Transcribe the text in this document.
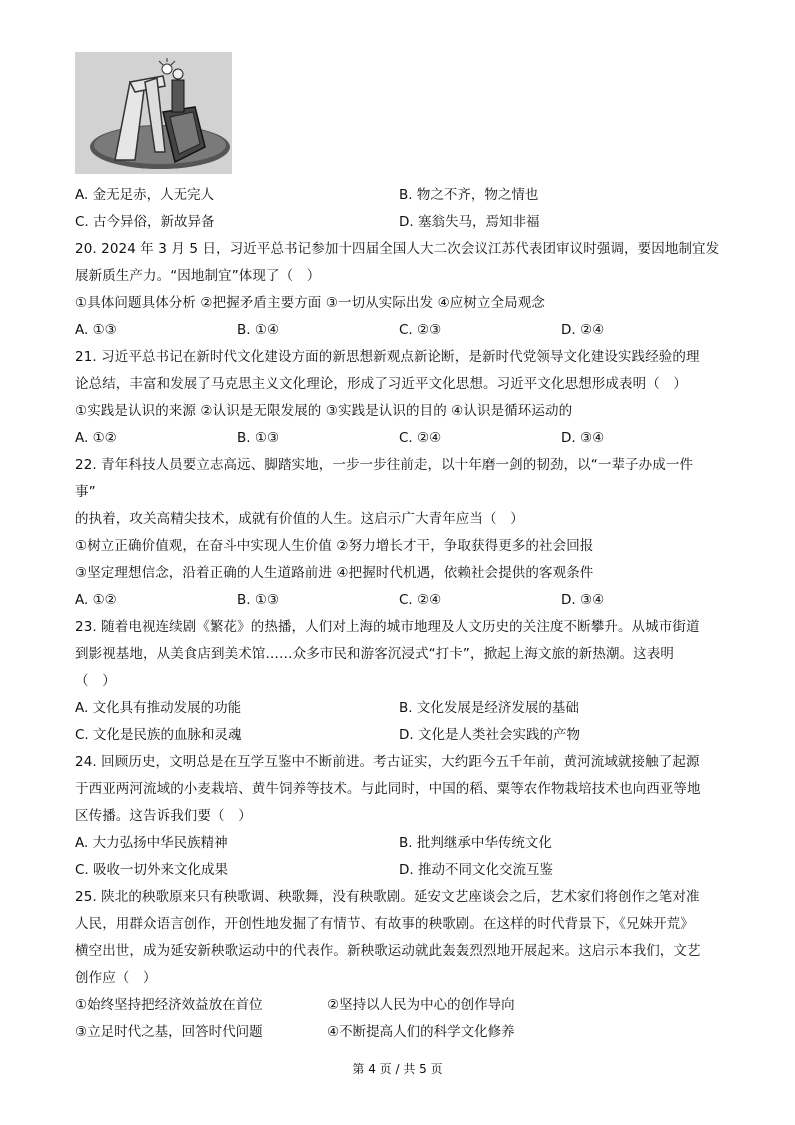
A. 金无足赤，人无完人	B. 物之不齐，物之情也
C. 古今异俗，新故异备	D. 塞翁失马，焉知非福
20. 2024 年 3 月 5 日，习近平总书记参加十四届全国人大二次会议江苏代表团审议时强调，要因地制宜发
展新质生产力。“因地制宜”体现了（　）
①具体问题具体分析 ②把握矛盾主要方面 ③一切从实际出发 ④应树立全局观念
A. ①③	B. ①④	C. ②③	D. ②④
21. 习近平总书记在新时代文化建设方面的新思想新观点新论断，是新时代党领导文化建设实践经验的理
论总结，丰富和发展了马克思主义文化理论，形成了习近平文化思想。习近平文化思想形成表明（　）
①实践是认识的来源 ②认识是无限发展的 ③实践是认识的目的 ④认识是循环运动的
A. ①②	B. ①③	C. ②④	D. ③④
22. 青年科技人员要立志高远、脚踏实地，一步一步往前走，以十年磨一剑的韧劲，以“一辈子办成一件
事”
的执着，攻关高精尖技术，成就有价值的人生。这启示广大青年应当（　）
①树立正确价值观，在奋斗中实现人生价值 ②努力增长才干，争取获得更多的社会回报
③坚定理想信念，沿着正确的人生道路前进 ④把握时代机遇，依赖社会提供的客观条件
A. ①②	B. ①③	C. ②④	D. ③④
23. 随着电视连续剧《繁花》的热播，人们对上海的城市地理及人文历史的关注度不断攀升。从城市街道
到影视基地，从美食店到美术馆……众多市民和游客沉浸式“打卡”，掀起上海文旅的新热潮。这表明
（　）
A. 文化具有推动发展的功能	B. 文化发展是经济发展的基础
C. 文化是民族的血脉和灵魂	D. 文化是人类社会实践的产物
24. 回顾历史，文明总是在互学互鉴中不断前进。考古证实，大约距今五千年前，黄河流域就接触了起源
于西亚两河流域的小麦栽培、黄牛饲养等技术。与此同时，中国的稻、粟等农作物栽培技术也向西亚等地
区传播。这告诉我们要（　）
A. 大力弘扬中华民族精神	B. 批判继承中华传统文化
C. 吸收一切外来文化成果	D. 推动不同文化交流互鉴
25. 陕北的秧歌原来只有秧歌调、秧歌舞，没有秧歌剧。延安文艺座谈会之后，艺术家们将创作之笔对准
人民，用群众语言创作，开创性地发掘了有情节、有故事的秧歌剧。在这样的时代背景下，《兄妹开荒》
横空出世，成为延安新秧歌运动中的代表作。新秧歌运动就此轰轰烈烈地开展起来。这启示本我们，文艺
创作应（　）
①始终坚持把经济效益放在首位	②坚持以人民为中心的创作导向
③立足时代之基，回答时代问题	④不断提高人们的科学文化修养
第 4 页 / 共 5 页
